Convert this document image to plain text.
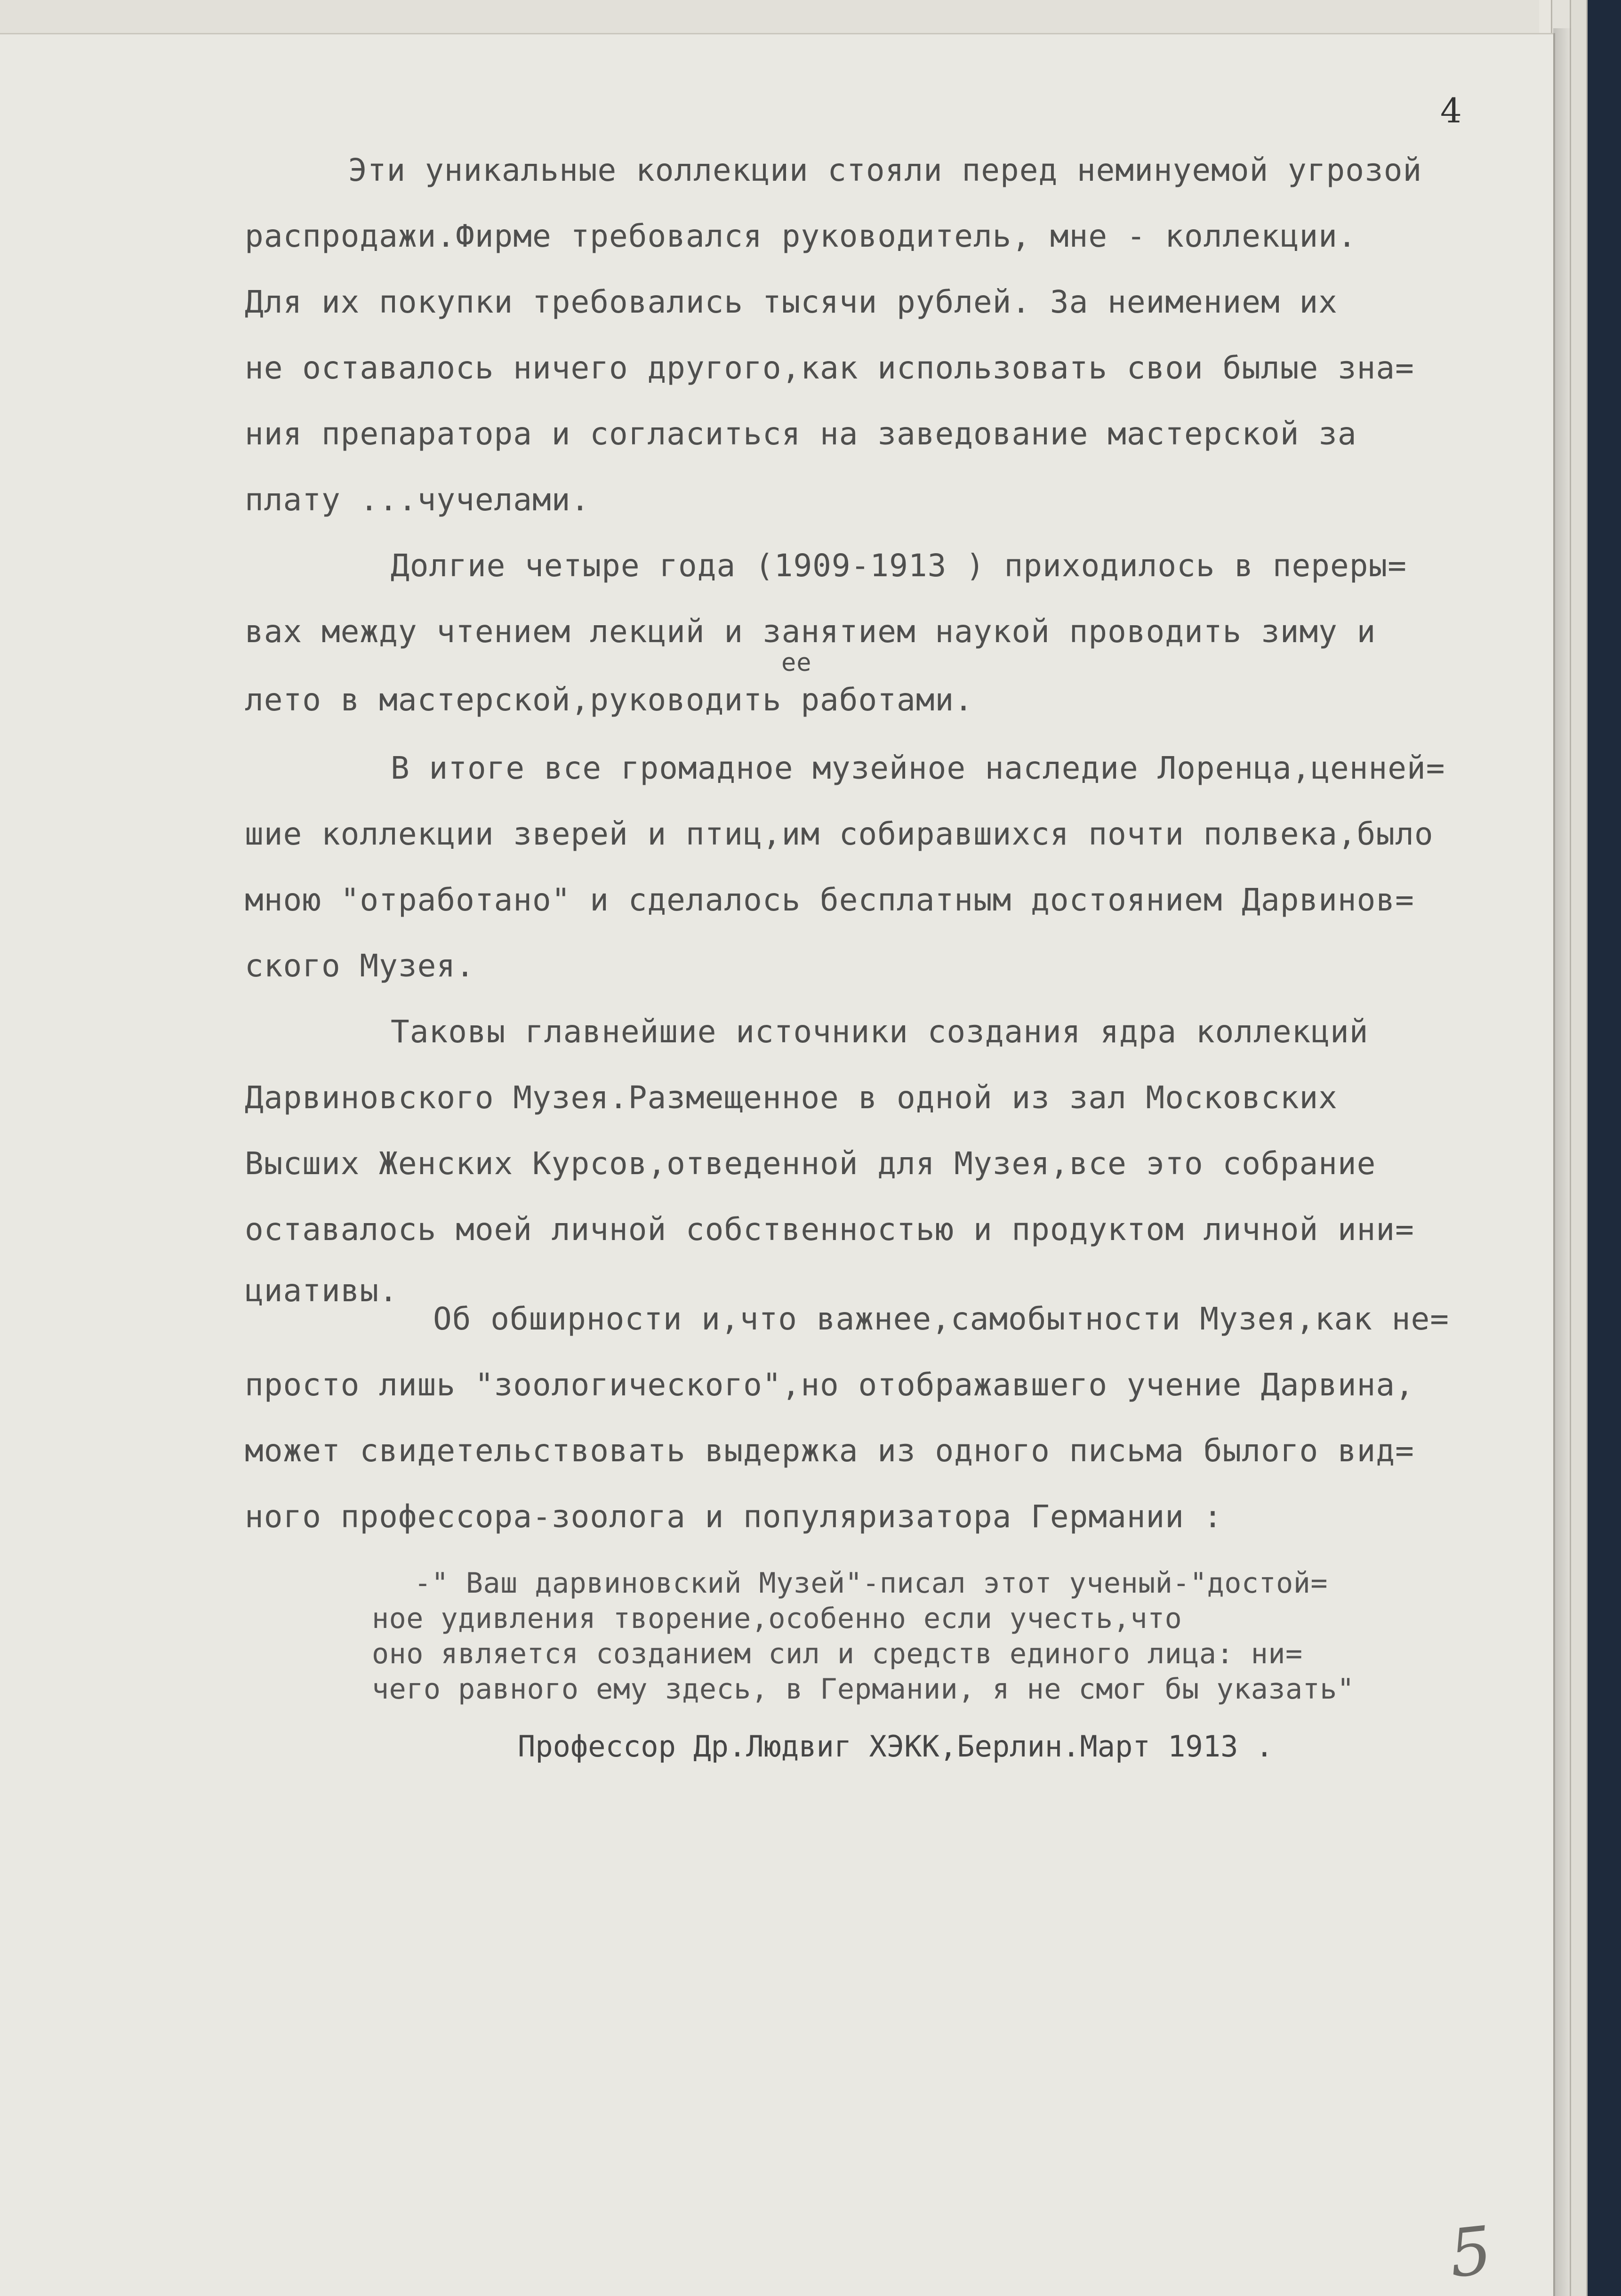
4
Эти уникальные коллекции стояли перед неминуемой угрозой
распродажи.Фирме требовался руководитель, мне - коллекции.
Для их покупки требовались тысячи рублей. За неимением их
не оставалось ничего другого,как использовать свои былые зна=
ния препаратора и согласиться на заведование мастерской за
плату ...чучелами.
Долгие четыре года (1909-1913 ) приходилось в переры=
вах между чтением лекций и занятием наукой проводить зиму и
ее
лето в мастерской,руководить работами.
В итоге все громадное музейное наследие Лоренца,ценней=
шие коллекции зверей и птиц,им собиравшихся почти полвека,было
мною "отработано" и сделалось бесплатным достоянием Дарвинов=
ского Музея.
Таковы главнейшие источники создания ядра коллекций
Дарвиновского Музея.Размещенное в одной из зал Московских
Высших Женских Курсов,отведенной для Музея,все это собрание
оставалось моей личной собственностью и продуктом личной ини=
циативы.
Об обширности и,что важнее,самобытности Музея,как не=
просто лишь "зоологического",но отображавшего учение Дарвина,
может свидетельствовать выдержка из одного письма былого вид=
ного профессора-зоолога и популяризатора Германии :
-" Ваш дарвиновский Музей"-писал этот ученый-"достой=
ное удивления творение,особенно если учесть,что
оно является созданием сил и средств единого лица: ни=
чего равного ему здесь, в Германии, я не смог бы указать"
Профессор Др.Людвиг ХЭКК,Берлин.Март 1913 .
5
